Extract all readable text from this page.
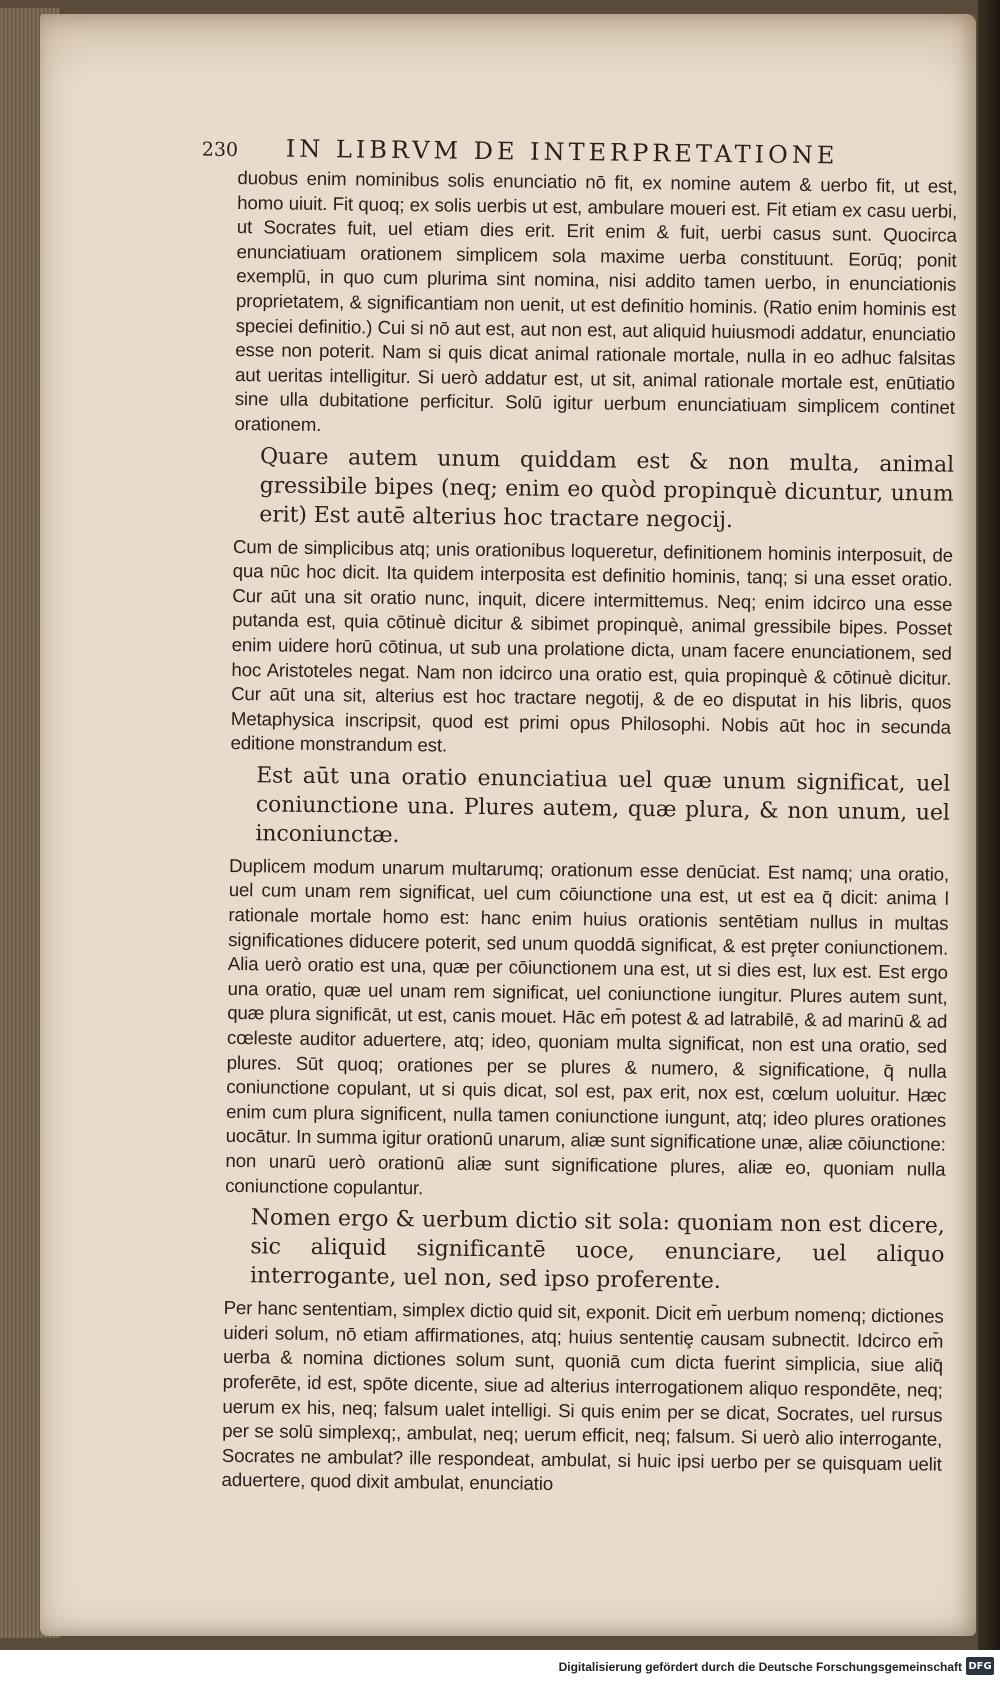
230 IN LIBRVM DE INTERPRETATIONE

duobus enim nominibus solis enunciatio nō fit, ex nomine autem & uerbo fit, ut est, homo uiuit. Fit quoq; ex solis uerbis ut est, ambulare moueri est. Fit etiam ex casu uerbi, ut Socrates fuit, uel etiam dies erit. Erit enim & fuit, uerbi casus sunt. Quocirca enunciatiuam orationem simplicem sola maxime uerba constituunt. Eorūq; ponit exemplū, in quo cum plurima sint nomina, nisi addito tamen uerbo, in enunciationis proprietatem, & significantiam non uenit, ut est definitio hominis. (Ratio enim hominis est speciei definitio.) Cui si nō aut est, aut non est, aut aliquid huiusmodi addatur, enunciatio esse non poterit. Nam si quis dicat animal rationale mortale, nulla in eo adhuc falsitas aut ueritas intelligitur. Si uerò addatur est, ut sit, animal rationale mortale est, enūtiatio sine ulla dubitatione perficitur. Solū igitur uerbum enunciatiuam simplicem continet orationem.

Quare autem unum quiddam est & non multa, animal gressibile bipes (neq; enim eo quòd propinquè dicuntur, unum erit) Est autē alterius hoc tractare negocij.

Cum de simplicibus atq; unis orationibus loqueretur, definitionem hominis interposuit, de qua nūc hoc dicit. Ita quidem interposita est definitio hominis, tanq; si una esset oratio. Cur aūt una sit oratio nunc, inquit, dicere intermittemus. Neq; enim idcirco una esse putanda est, quia cōtinuè dicitur & sibimet propinquè, animal gressibile bipes. Posset enim uidere horū cōtinua, ut sub una prolatione dicta, unam facere enunciationem, sed hoc Aristoteles negat. Nam non idcirco una oratio est, quia propinquè & cōtinuè dicitur. Cur aūt una sit, alterius est hoc tractare negotij, & de eo disputat in his libris, quos Metaphysica inscripsit, quod est primi opus Philosophi. Nobis aūt hoc in secunda editione monstrandum est.

Est aūt una oratio enunciatiua uel quæ unum significat, uel coniunctione una. Plures autem, quæ plura, & non unum, uel inconiunctæ.

Duplicem modum unarum multarumq; orationum esse denūciat. Est namq; una oratio, uel cum unam rem significat, uel cum cōiunctione una est, ut est ea q̄ dicit: anima l rationale mortale homo est: hanc enim huius orationis sentētiam nullus in multas significationes diducere poterit, sed unum quoddā significat, & est prȩter coniunctionem. Alia uerò oratio est una, quæ per cōiunctionem una est, ut si dies est, lux est. Est ergo una oratio, quæ uel unam rem significat, uel coniunctione iungitur. Plures autem sunt, quæ plura significāt, ut est, canis mouet. Hāc em̄ potest & ad latrabilē, & ad marinū & ad cœleste auditor aduertere, atq; ideo, quoniam multa significat, non est una oratio, sed plures. Sūt quoq; orationes per se plures & numero, & significatione, q̄ nulla coniunctione copulant, ut si quis dicat, sol est, pax erit, nox est, cœlum uoluitur. Hæc enim cum plura significent, nulla tamen coniunctione iungunt, atq; ideo plures orationes uocātur. In summa igitur orationū unarum, aliæ sunt significatione unæ, aliæ cōiunctione: non unarū uerò orationū aliæ sunt significatione plures, aliæ eo, quoniam nulla coniunctione copulantur.

Nomen ergo & uerbum dictio sit sola: quoniam non est dicere, sic aliquid significantē uoce, enunciare, uel aliquo interrogante, uel non, sed ipso proferente.

Per hanc sententiam, simplex dictio quid sit, exponit. Dicit em̄ uerbum nomenq; dictiones uideri solum, nō etiam affirmationes, atq; huius sententiȩ causam subnectit. Idcirco em̄ uerba & nomina dictiones solum sunt, quoniā cum dicta fuerint simplicia, siue aliq̄ proferēte, id est, spōte dicente, siue ad alterius interrogationem aliquo respondēte, neq; uerum ex his, neq; falsum ualet intelligi. Si quis enim per se dicat, Socrates, uel rursus per se solū simplexq;, ambulat, neq; uerum efficit, neq; falsum. Si uerò alio interrogante, Socrates ne ambulat? ille respondeat, ambulat, si huic ipsi uerbo per se quisquam uelit aduertere, quod dixit ambulat, enunciatio

Digitalisierung gefördert durch die Deutsche Forschungsgemeinschaft DFG
